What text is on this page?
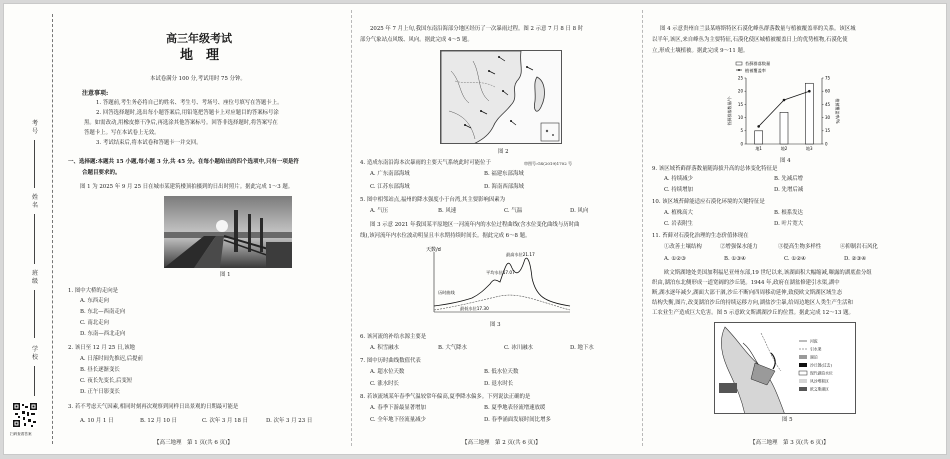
考号
姓名
班级
学校
扫码查看答案
高三年级考试
地　理
本试卷满分 100 分,考试用时 75 分钟。
注意事项:
1. 答题前,考生务必将自己的姓名、考生号、考场号、座位号填写在答题卡上。
2. 回答选择题时,选出每小题答案后,用铅笔把答题卡上对应题目的答案标号涂
黑。如需改动,用橡皮擦干净后,再选涂其他答案标号。回答非选择题时,将答案写在
答题卡上。写在本试卷上无效。
3. 考试结束后,将本试卷和答题卡一并交回。
一、选择题:本题共 15 小题,每小题 3 分,共 45 分。在每小题给出的四个选项中,只有一项是符
合题目要求的。
图 1 为 2025 年 9 月 25 日在城市某建筑楼顶拍摄到的日出时照片。据此完成 1～3 题。
图 1
1. 图中大桥的走向是
A. 东西走向
B. 东北—西南走向
C. 南北走向
D. 东南—西北走向
2. 该日至 12 月 25 日,该地
A. 日落时间先推迟,后提前
B. 昼长逐渐变长
C. 夜长先变长,后变短
D. 正午日影变长
3. 若不考虑天气因素,相同时刻再次观察到同样日出景观的日期最可能是
A. 10 月 1 日	B. 12 月 10 日	C. 次年 3 月 18 日	D. 次年 3 月 23 日
【高三地理　第 1 页(共 6 页)】
2025 年 7 月上旬,我国东南沿海部分地区经历了一次暴雨过程。图 2 示意 7 月 8 日 8 时
部分气象站点风级、风向。据此完成 4～5 题。
图 2
4. 造成东南沿海本次暴雨的主要天气系统此时可能位于	审图号:GS(2019)1702 号
A. 广东南部海域	B. 福建东部海域
C. 江苏东部海域	D. 海南西部海域
5. 图中相邻站点,福州的降水强度小于台湾,其主要影响因素为
A. 气压	B. 风速	C. 气温	D. 风向
图 3 示意 2021 年我国某平原地区一河流年内的水位过程曲线(含水位变化曲线与历时曲
线),该河流年内水位波动明显且丰水期持续时间长。据此完成 6～8 题。
天数/d
最高水位21.17
平均水位17.07
最低水位17.30
历时曲线
图 3
6. 该河流的补给水源主要是
A. 积雪融水	B. 大气降水	C. 冰川融水	D. 地下水
7. 图中历时曲线数值代表
A. 超水位天数	B. 低水位天数
C. 涨水时长	D. 退水时长
8. 若该流域某年春季气温较常年偏高,夏季降水偏多。下列说法正确的是
A. 春季下游最显著增加	B. 夏季地表径流增速放缓
C. 全年地下径流量减少	D. 春季涌面发展时间比增多
【高三地理　第 2 页(共 6 页)】
图 4 示意贵州自兰县某喀斯特区石漠化峰丛群落数量与植被覆盖率的关系。该区城
以半年,该区,来自峰丛为主要特征,石漠化使区城植被覆盖日上的优势植物,石漠化使
立,形成土壤植被。据此完成 9～11 题。
苔藓群落数量
植被覆盖率
0	0
5	15
10	30
15	45
20	60
25	75
地1	地2	地3
苔藓群落数量/个	植被覆盖率/%
图 4
9. 该区域苔藓群落数量随海拔升高的总体变化特征是
A. 持续减少	B. 先减后增
C. 持续增加	D. 先增后减
10. 该区域苔藓能适应石漠化环境的关键特征是
A. 植株高大	B. 根系发达
C. 岩表附生	D. 叶片宽大
11. 苔藓对石漠化治理的生态价值体现在
①改善土壤结构	②增强保水能力	③提高生物多样性	④抑制岩石风化
A. ①②③	B. ①③④	C. ①②④	D. ②③④
欧文斯湖地处美国加利福尼亚州东部,19 世纪以来,该湖面积大幅缩减,曝露的湖底盐分组
织由,湖泊东北侧形成一道宽阔的沙丘链。1944 年,政府在湖盆修建引水渠,湖中
断,湖水逐年减少,湖面大部干涸,沙丘不断向四周移动延伸,致使欧文斯湖区域生态
结构失衡,图片,改变湖泊沙丘的持续运移方向,湖盐沙尘暴,给周边地区人类生产生活和
工农业生产造成巨大危害。图 5 示意欧文斯湖湖沙丘的位置。据此完成 12～13 题。
河流
引水渠
湖泊
沙丘链(过去)
现代湖泊水位
风沙堆积区
欧文斯湖区
图 5
【高三地理　第 3 页(共 6 页)】
